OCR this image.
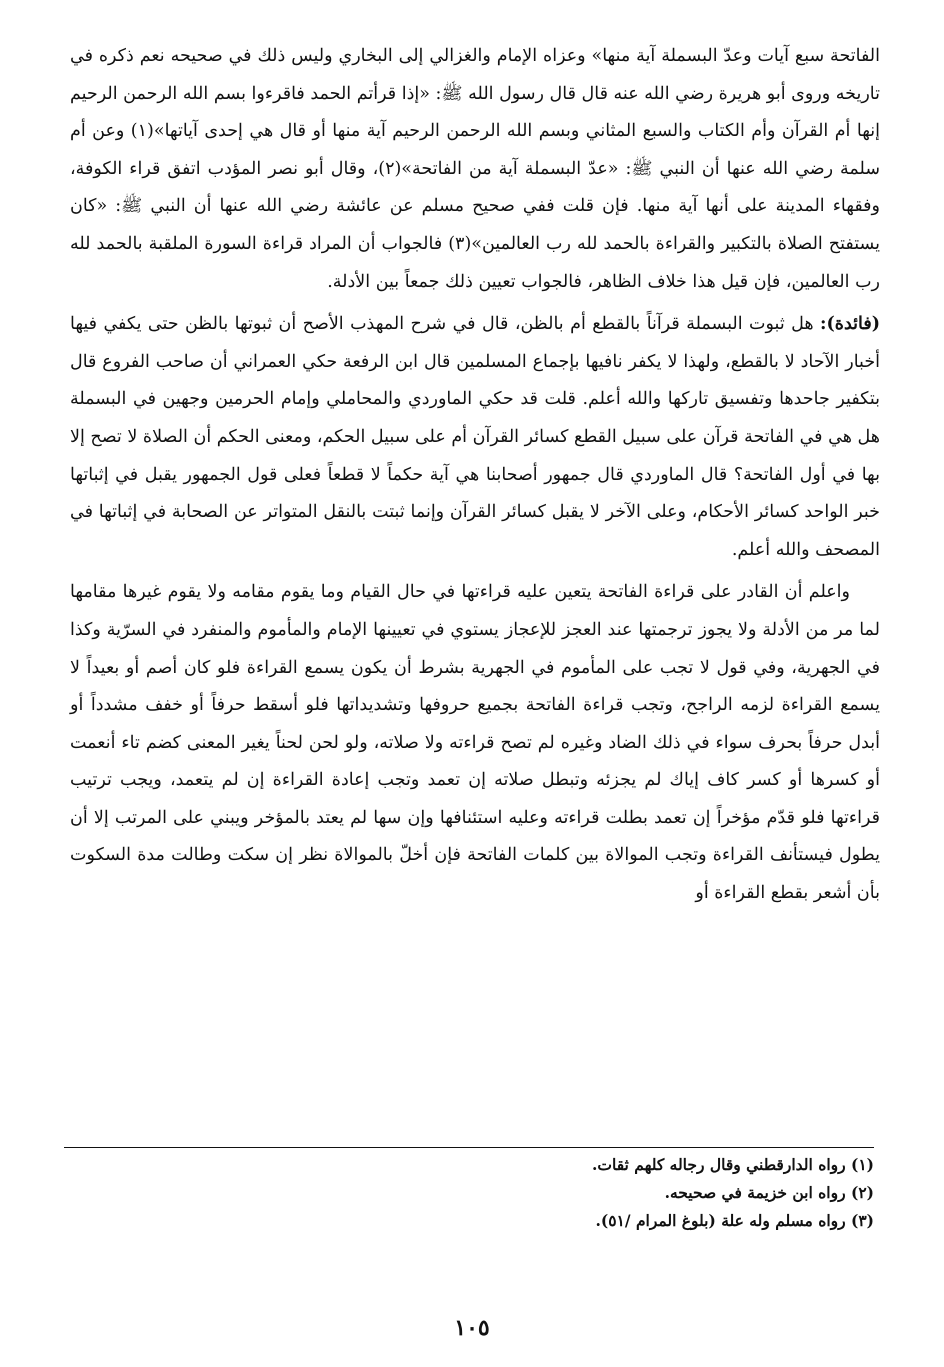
الفاتحة سبع آيات وعدّ البسملة آية منها» وعزاه الإمام والغزالي إلى البخاري وليس ذلك في صحيحه نعم ذكره في تاريخه وروى أبو هريرة رضي الله عنه قال قال رسول الله ﷺ: «إذا قرأتم الحمد فاقرءوا بسم الله الرحمن الرحيم إنها أم القرآن وأم الكتاب والسبع المثاني وبسم الله الرحمن الرحيم آية منها أو قال هي إحدى آياتها»(١) وعن أم سلمة رضي الله عنها أن النبي ﷺ: «عدّ البسملة آية من الفاتحة»(٢)، وقال أبو نصر المؤدب اتفق قراء الكوفة، وفقهاء المدينة على أنها آية منها. فإن قلت ففي صحيح مسلم عن عائشة رضي الله عنها أن النبي ﷺ: «كان يستفتح الصلاة بالتكبير والقراءة بالحمد لله رب العالمين»(٣) فالجواب أن المراد قراءة السورة الملقبة بالحمد لله رب العالمين، فإن قيل هذا خلاف الظاهر، فالجواب تعيين ذلك جمعاً بين الأدلة.

(فائدة): هل ثبوت البسملة قرآناً بالقطع أم بالظن، قال في شرح المهذب الأصح أن ثبوتها بالظن حتى يكفي فيها أخبار الآحاد لا بالقطع، ولهذا لا يكفر نافيها بإجماع المسلمين قال ابن الرفعة حكي العمراني أن صاحب الفروع قال بتكفير جاحدها وتفسيق تاركها والله أعلم. قلت قد حكي الماوردي والمحاملي وإمام الحرمين وجهين في البسملة هل هي في الفاتحة قرآن على سبيل القطع كسائر القرآن أم على سبيل الحكم، ومعنى الحكم أن الصلاة لا تصح إلا بها في أول الفاتحة؟ قال الماوردي قال جمهور أصحابنا هي آية حكماً لا قطعاً فعلى قول الجمهور يقبل في إثباتها خبر الواحد كسائر الأحكام، وعلى الآخر لا يقبل كسائر القرآن وإنما ثبتت بالنقل المتواتر عن الصحابة في إثباتها في المصحف والله أعلم.

واعلم أن القادر على قراءة الفاتحة يتعين عليه قراءتها في حال القيام وما يقوم مقامه ولا يقوم غيرها مقامها لما مر من الأدلة ولا يجوز ترجمتها عند العجز للإعجاز يستوي في تعيينها الإمام والمأموم والمنفرد في السرّية وكذا في الجهرية، وفي قول لا تجب على المأموم في الجهرية بشرط أن يكون يسمع القراءة فلو كان أصم أو بعيداً لا يسمع القراءة لزمه الراجح، وتجب قراءة الفاتحة بجميع حروفها وتشديداتها فلو أسقط حرفاً أو خفف مشدداً أو أبدل حرفاً بحرف سواء في ذلك الضاد وغيره لم تصح قراءته ولا صلاته، ولو لحن لحناً يغير المعنى كضم تاء أنعمت أو كسرها أو كسر كاف إياك لم يجزئه وتبطل صلاته إن تعمد وتجب إعادة القراءة إن لم يتعمد، ويجب ترتيب قراءتها فلو قدّم مؤخراً إن تعمد بطلت قراءته وعليه استئنافها وإن سها لم يعتد بالمؤخر ويبني على المرتب إلا أن يطول فيستأنف القراءة وتجب الموالاة بين كلمات الفاتحة فإن أخلّ بالموالاة نظر إن سكت وطالت مدة السكوت بأن أشعر بقطع القراءة أو

(١) رواه الدارقطني وقال رجاله كلهم ثقات.

(٢) رواه ابن خزيمة في صحيحه.

(٣) رواه مسلم وله علة (بلوغ المرام /٥١).

١٠٥
